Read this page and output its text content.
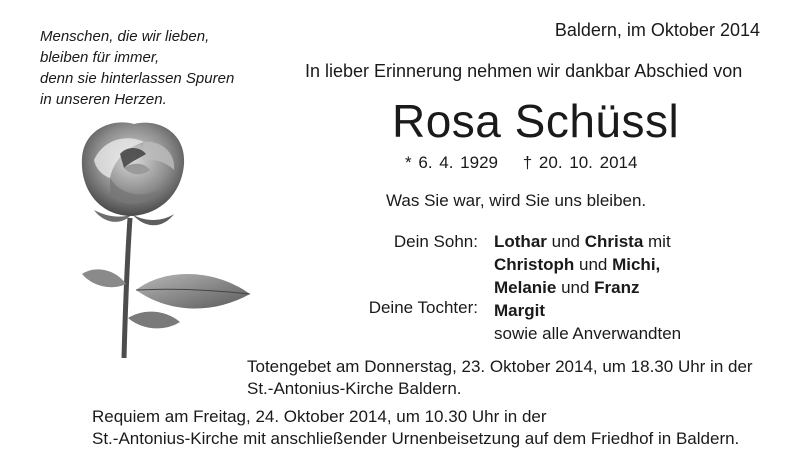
Menschen, die wir lieben,
bleiben für immer,
denn sie hinterlassen Spuren
in unseren Herzen.
Baldern, im Oktober 2014
In lieber Erinnerung nehmen wir dankbar Abschied von
Rosa Schüssl
* 6. 4. 1929 † 20. 10. 2014
Was Sie war, wird Sie uns bleiben.
Dein Sohn:
Deine Tochter:
Lothar und Christa mit
Christoph und Michi,
Melanie und Franz
Margit
sowie alle Anverwandten
Totengebet am Donnerstag, 23. Oktober 2014, um 18.30 Uhr in der
St.-Antonius-Kirche Baldern.
Requiem am Freitag, 24. Oktober 2014, um 10.30 Uhr in der
St.-Antonius-Kirche mit anschließender Urnenbeisetzung auf dem Friedhof in Baldern.
